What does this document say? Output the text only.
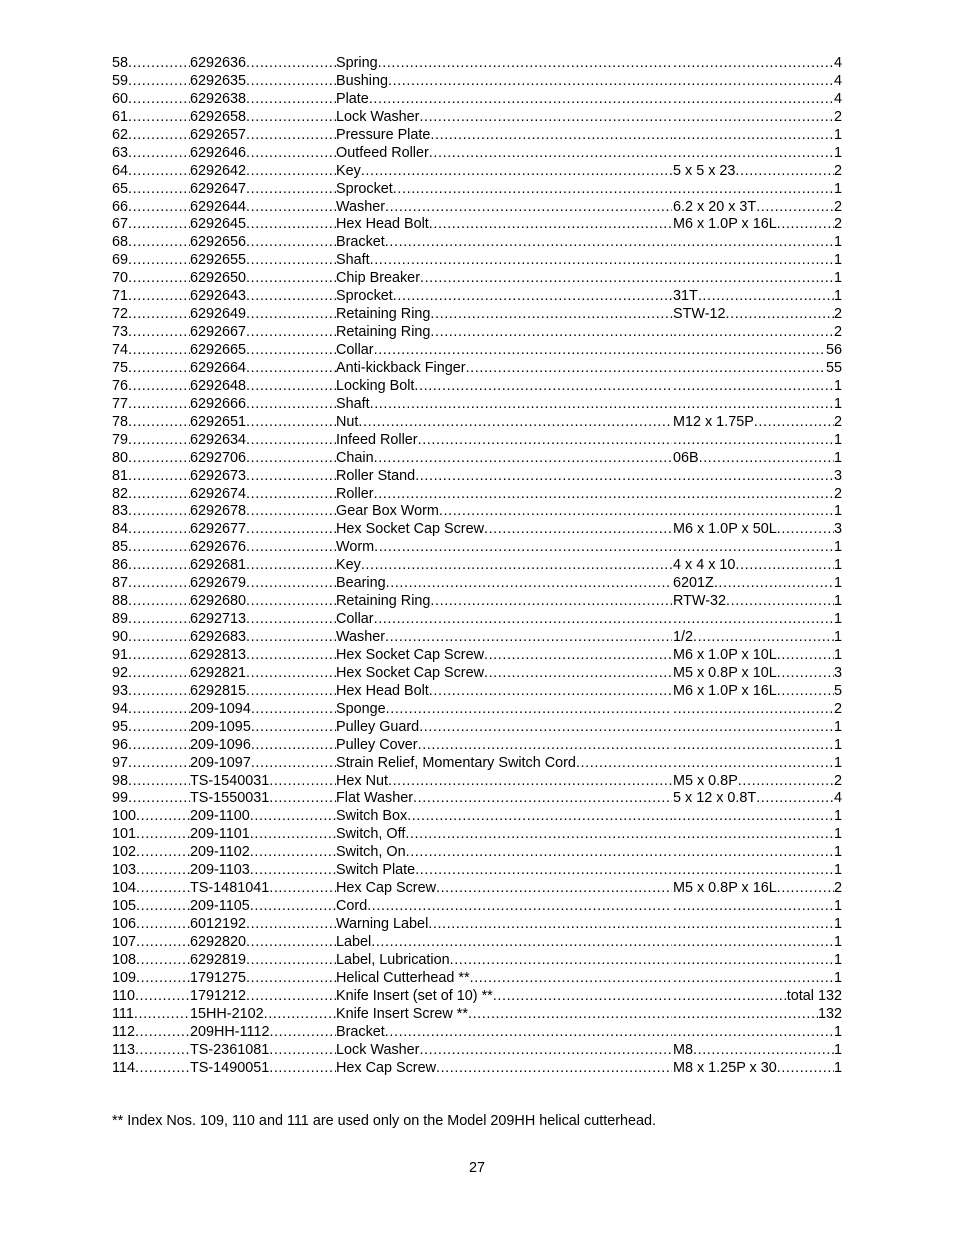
58 .....	6292636 .....	Spring ..... .....	4
59 .....	6292635 .....	Bushing ..... .....	4
60 .....	6292638 .....	Plate ..... .....	4
61 .....	6292658 .....	Lock Washer ..... .....	2
62 .....	6292657 .....	Pressure Plate ..... .....	1
63 .....	6292646 .....	Outfeed Roller ..... .....	1
64 .....	6292642 .....	Key .....	5 x 5 x 23 .....	2
65 .....	6292647 .....	Sprocket ..... .....	1
66 .....	6292644 .....	Washer .....	6.2 x 20 x 3T .....	2
67 .....	6292645 .....	Hex Head Bolt .....	M6 x 1.0P x 16L .....	2
68 .....	6292656 .....	Bracket ..... .....	1
69 .....	6292655 .....	Shaft ..... .....	1
70 .....	6292650 .....	Chip Breaker ..... .....	1
71 .....	6292643 .....	Sprocket .....	31T .....	1
72 .....	6292649 .....	Retaining Ring .....	STW-12 .....	2
73 .....	6292667 .....	Retaining Ring ..... .....	2
74 .....	6292665 .....	Collar ..... .....	56
75 .....	6292664 .....	Anti-kickback Finger ..... .....	55
76 .....	6292648 .....	Locking Bolt ..... .....	1
77 .....	6292666 .....	Shaft ..... .....	1
78 .....	6292651 .....	Nut .....	M12 x 1.75P .....	2
79 .....	6292634 .....	Infeed Roller ..... .....	1
80 .....	6292706 .....	Chain .....	06B .....	1
81 .....	6292673 .....	Roller Stand ..... .....	3
82 .....	6292674 .....	Roller ..... .....	2
83 .....	6292678 .....	Gear Box Worm ..... .....	1
84 .....	6292677 .....	Hex Socket Cap Screw .....	M6 x 1.0P x 50L .....	3
85 .....	6292676 .....	Worm ..... .....	1
86 .....	6292681 .....	Key .....	4 x 4 x 10 .....	1
87 .....	6292679 .....	Bearing .....	6201Z .....	1
88 .....	6292680 .....	Retaining Ring .....	RTW-32 .....	1
89 .....	6292713 .....	Collar ..... .....	1
90 .....	6292683 .....	Washer .....	1/2 .....	1
91 .....	6292813 .....	Hex Socket Cap Screw .....	M6 x 1.0P x 10L .....	1
92 .....	6292821 .....	Hex Socket Cap Screw .....	M5 x 0.8P x 10L .....	3
93 .....	6292815 .....	Hex Head Bolt .....	M6 x 1.0P x 16L .....	5
94 .....	209-1094 .....	Sponge ..... .....	2
95 .....	209-1095 .....	Pulley Guard ..... .....	1
96 .....	209-1096 .....	Pulley Cover ..... .....	1
97 .....	209-1097 .....	Strain Relief, Momentary Switch Cord ..... .....	1
98 .....	TS-1540031 .....	Hex Nut .....	M5 x 0.8P .....	2
99 .....	TS-1550031 .....	Flat Washer .....	5 x 12 x 0.8T .....	4
100 .....	209-1100 .....	Switch Box ..... .....	1
101 .....	209-1101 .....	Switch, Off ..... .....	1
102 .....	209-1102 .....	Switch, On ..... .....	1
103 .....	209-1103 .....	Switch Plate ..... .....	1
104 .....	TS-1481041 .....	Hex Cap Screw .....	M5 x 0.8P x 16L .....	2
105 .....	209-1105 .....	Cord ..... .....	1
106 .....	6012192 .....	Warning Label ..... .....	1
107 .....	6292820 .....	Label ..... .....	1
108 .....	6292819 .....	Label, Lubrication ..... .....	1
109 .....	1791275 .....	Helical Cutterhead ** ..... .....	1
110 .....	1791212 .....	Knife Insert (set of 10) ** ..... .....	total 132
111 .....	15HH-2102 .....	Knife Insert Screw ** ..... .....	132
112 .....	209HH-1112 .....	Bracket ..... .....	1
113 .....	TS-2361081 .....	Lock Washer .....	M8 .....	1
114 .....	TS-1490051 .....	Hex Cap Screw .....	M8 x 1.25P x 30 .....	1
** Index Nos. 109, 110 and 111 are used only on the Model 209HH helical cutterhead.
27
